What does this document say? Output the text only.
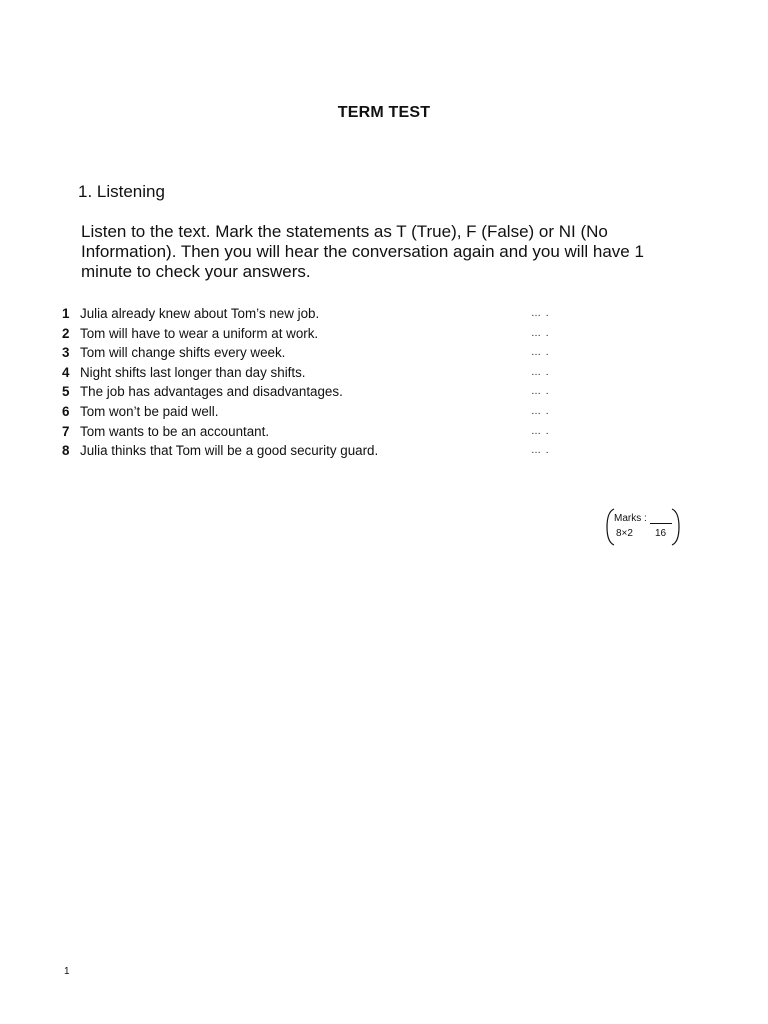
TERM TEST
1. Listening
Listen to the text. Mark the statements as T (True), F (False) or NI (No Information). Then you will hear the conversation again and you will have 1 minute to check your answers.
1 Julia already knew about Tom’s new job.	… .
2 Tom will have to wear a uniform at work.	… .
3 Tom will change shifts every week.	… .
4 Night shifts last longer than day shifts.	… .
5 The job has advantages and disadvantages.	… .
6 Tom won’t be paid well.	… .
7 Tom wants to be an accountant.	… .
8 Julia thinks that Tom will be a good security guard.	… .
Marks :
8×2 16
1
